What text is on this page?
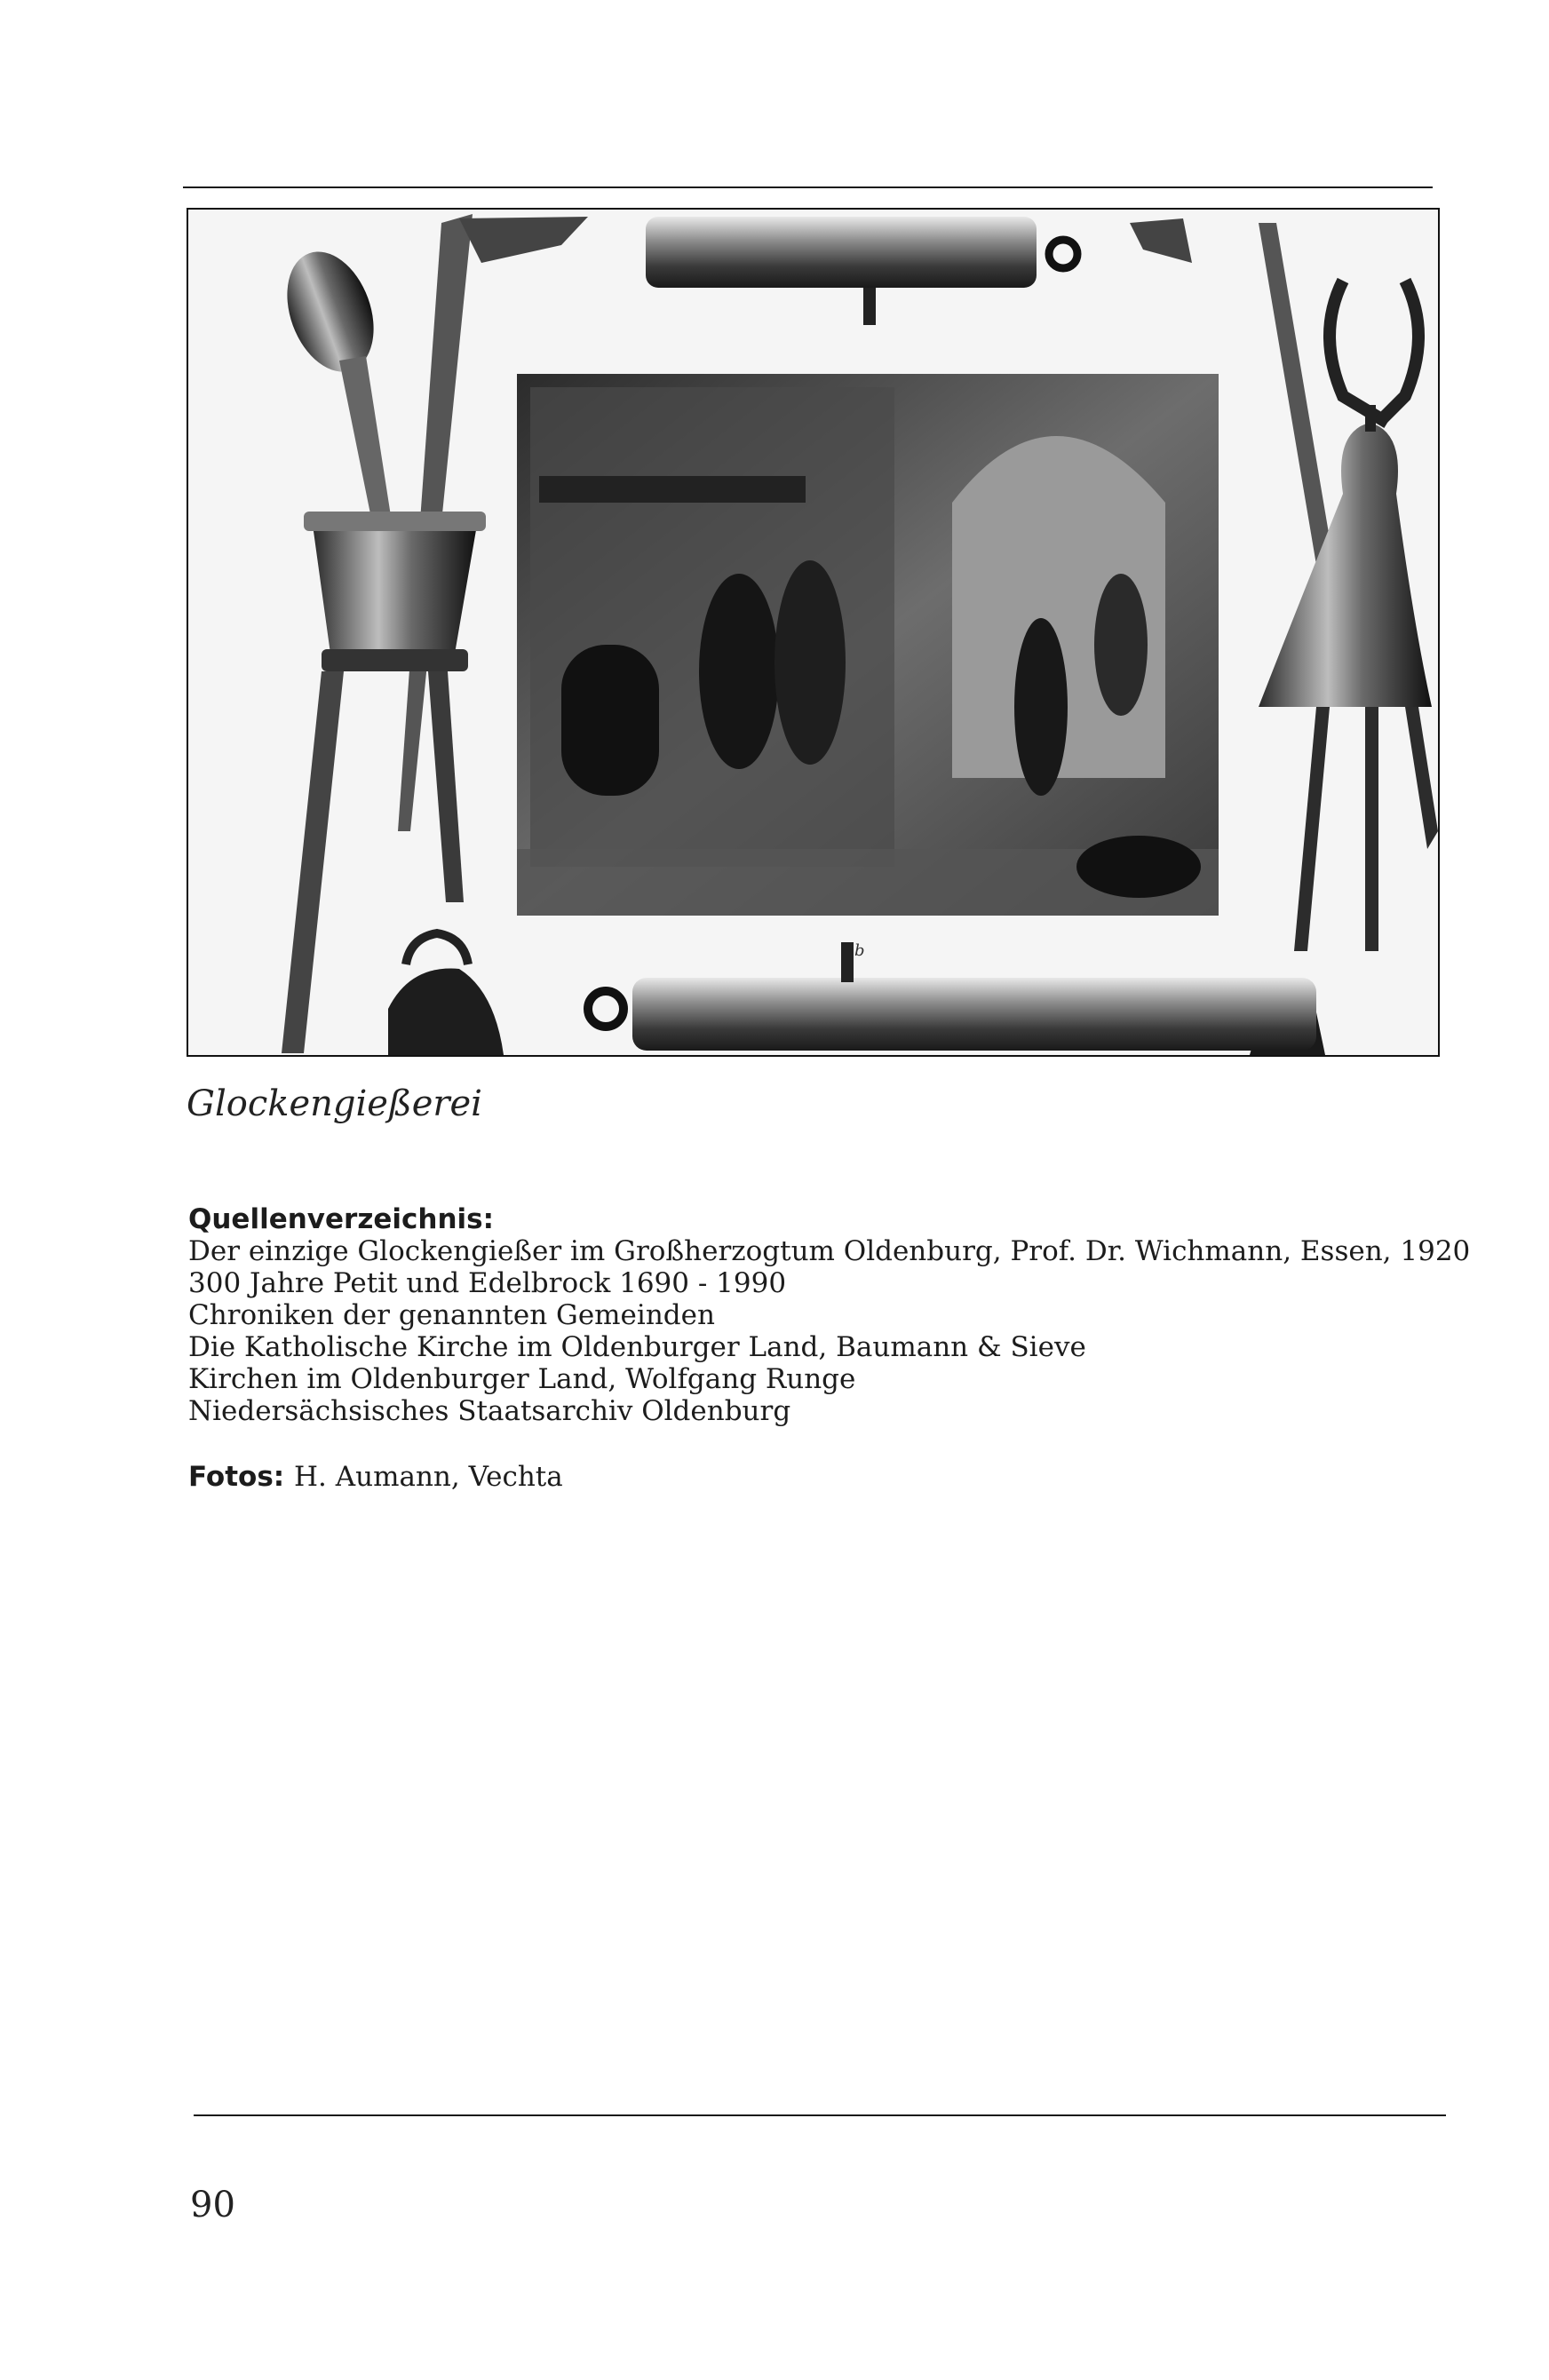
b
Glockengießerei
Quellenverzeichnis:
Der einzige Glockengießer im Großherzogtum Oldenburg, Prof. Dr. Wichmann, Essen, 1920
300 Jahre Petit und Edelbrock 1690 - 1990
Chroniken der genannten Gemeinden
Die Katholische Kirche im Oldenburger Land, Baumann & Sieve
Kirchen im Oldenburger Land, Wolfgang Runge
Niedersächsisches Staatsarchiv Oldenburg
Fotos: H. Aumann, Vechta
90
